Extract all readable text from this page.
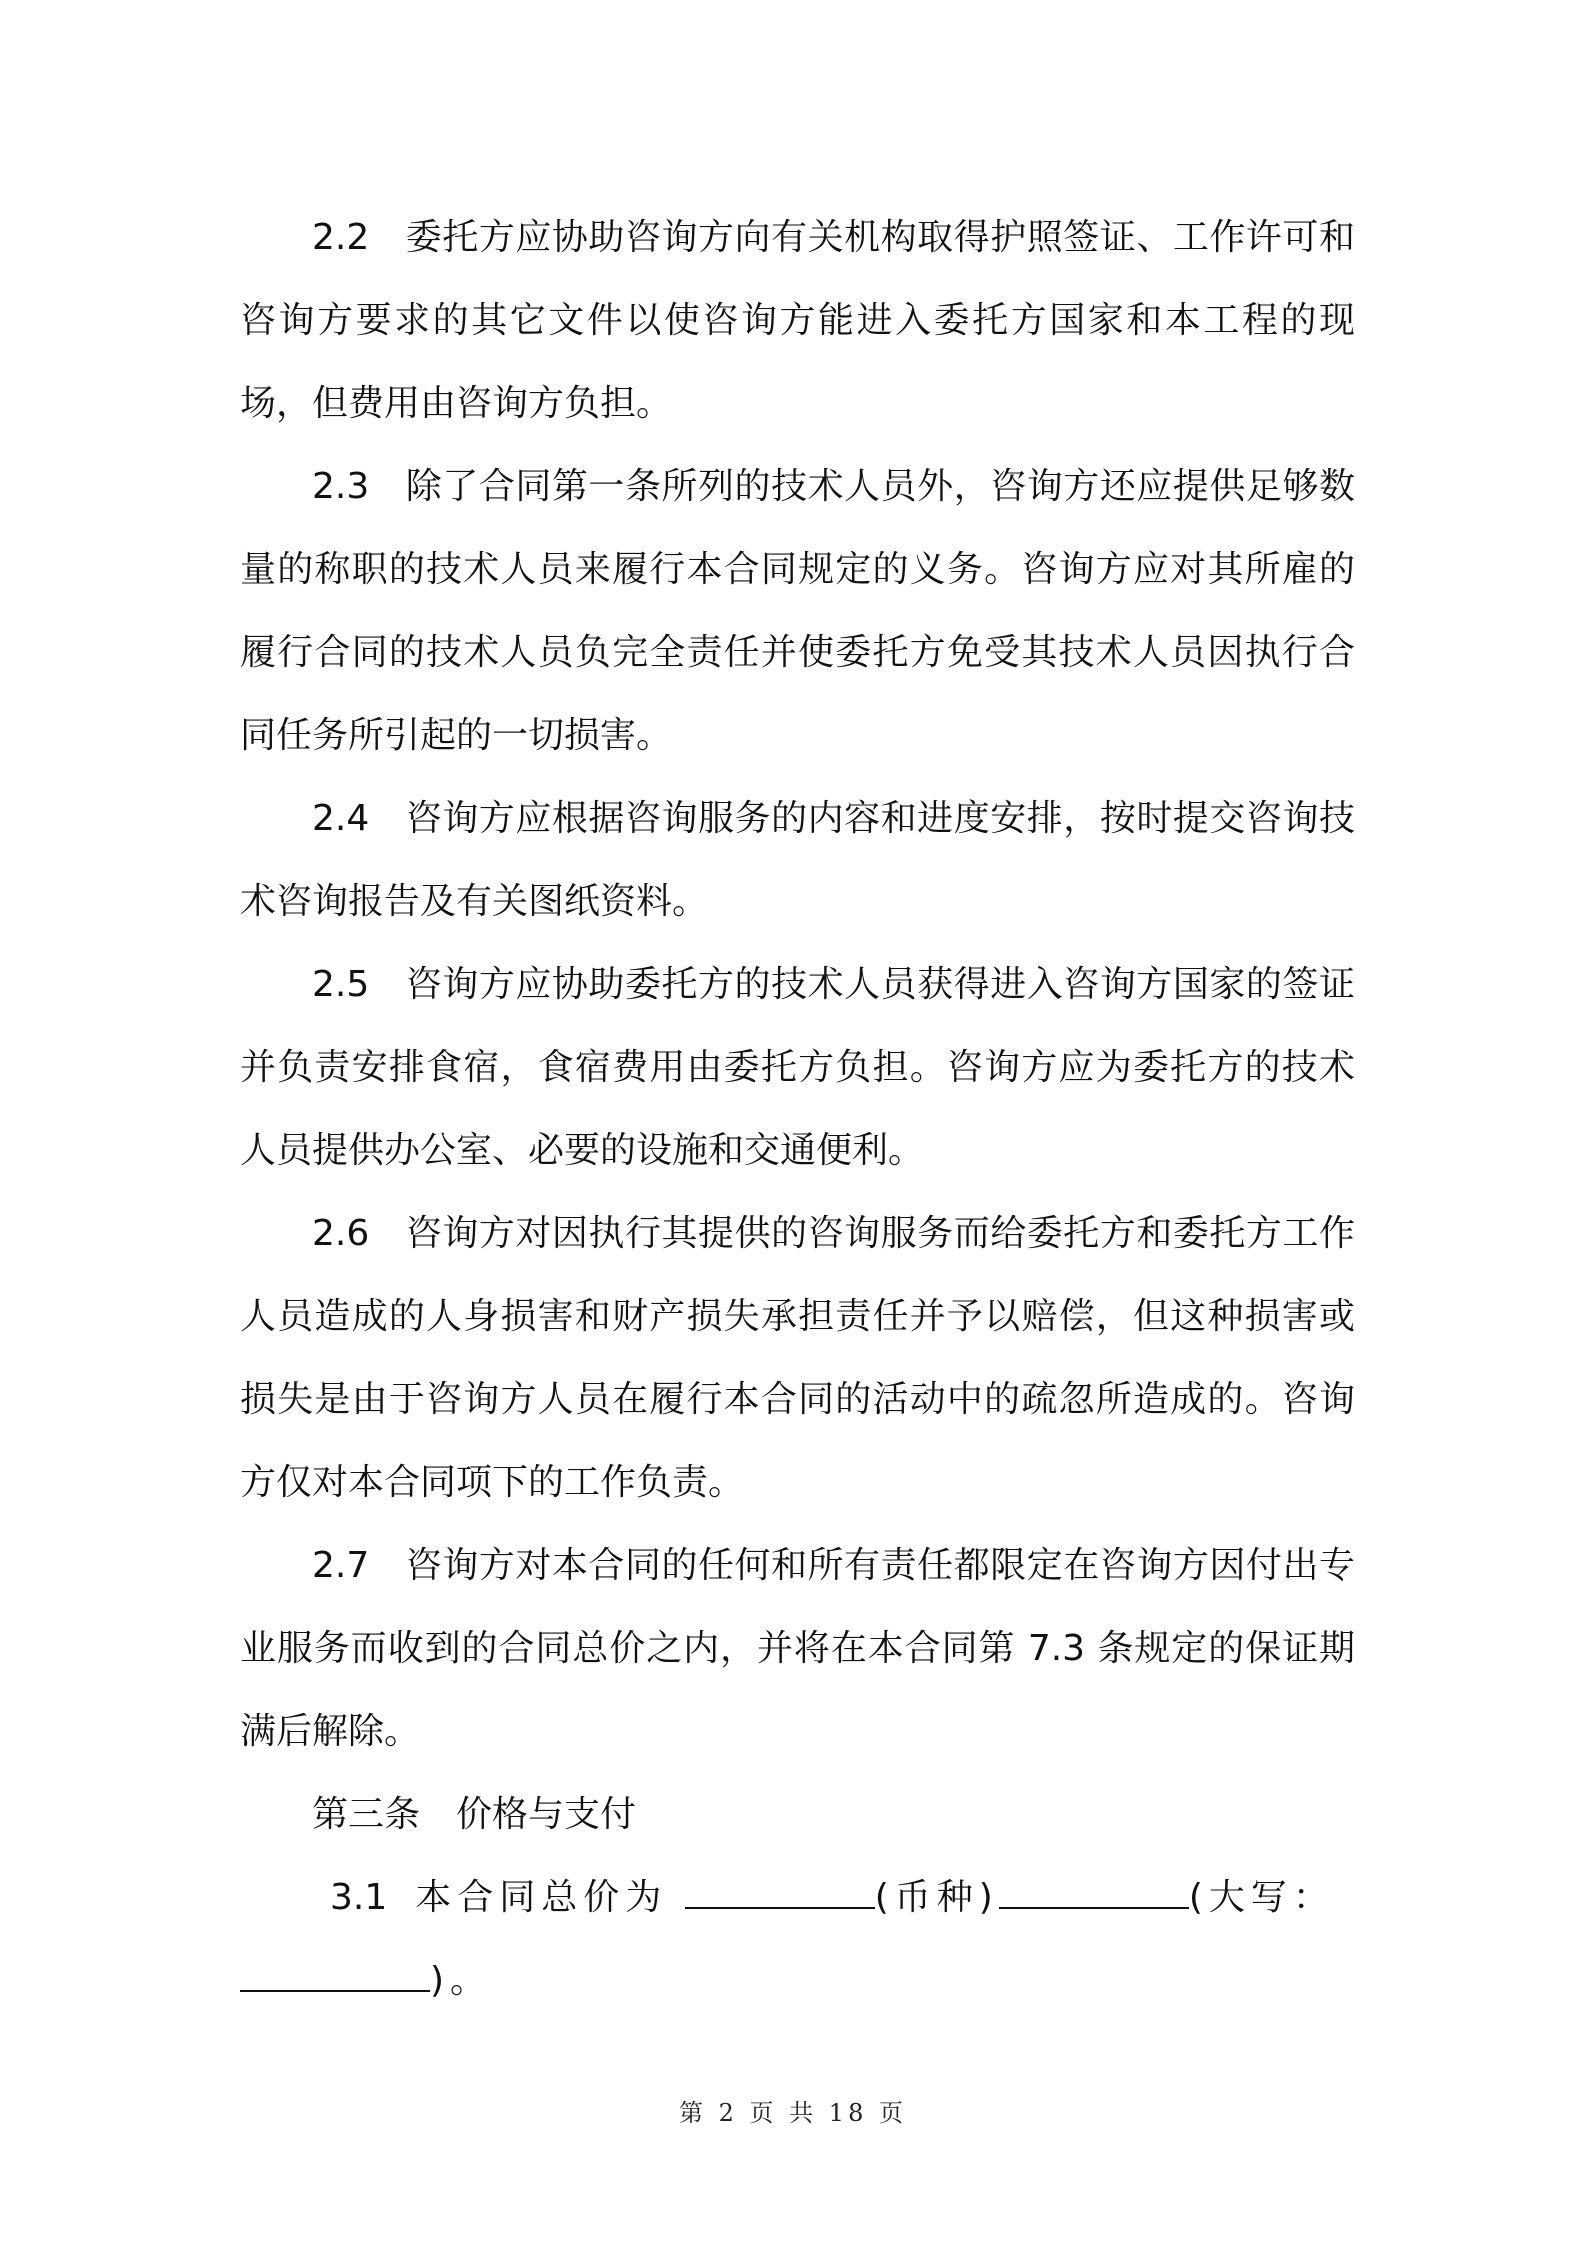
2.2 委托方应协助咨询方向有关机构取得护照签证、工作许可和咨询方要求的其它文件以使咨询方能进入委托方国家和本工程的现场，但费用由咨询方负担。

2.3 除了合同第一条所列的技术人员外，咨询方还应提供足够数量的称职的技术人员来履行本合同规定的义务。咨询方应对其所雇的履行合同的技术人员负完全责任并使委托方免受其技术人员因执行合同任务所引起的一切损害。

2.4 咨询方应根据咨询服务的内容和进度安排，按时提交咨询技术咨询报告及有关图纸资料。

2.5 咨询方应协助委托方的技术人员获得进入咨询方国家的签证并负责安排食宿，食宿费用由委托方负担。咨询方应为委托方的技术人员提供办公室、必要的设施和交通便利。

2.6 咨询方对因执行其提供的咨询服务而给委托方和委托方工作人员造成的人身损害和财产损失承担责任并予以赔偿，但这种损害或损失是由于咨询方人员在履行本合同的活动中的疏忽所造成的。咨询方仅对本合同项下的工作负责。

2.7 咨询方对本合同的任何和所有责任都限定在咨询方因付出专业服务而收到的合同总价之内，并将在本合同第 7.3 条规定的保证期满后解除。

第三条 价格与支付

3.1 本合同总价为	(币种)	(大写：
)。

第 2 页 共 18 页
